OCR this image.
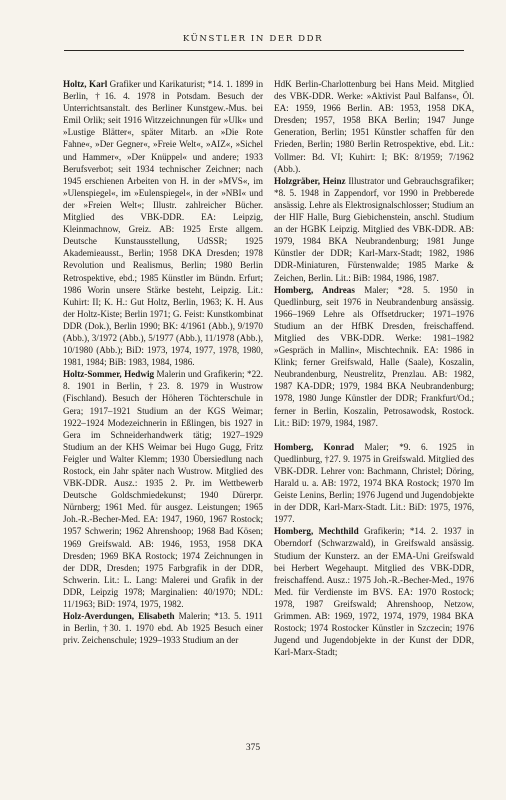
KÜNSTLER IN DER DDR

Holtz, Karl Grafiker und Karikaturist; *14. 1. 1899 in Berlin, †16. 4. 1978 in Potsdam. Besuch der Unterrichtsanstalt. des Berliner Kunstgew.-Mus. bei Emil Orlik; seit 1916 Witzzeichnungen für »Ulk« und »Lustige Blätter«, später Mitarb. an »Die Rote Fahne«, »Der Gegner«, »Freie Welt«, »AIZ«, »Sichel und Hammer«, »Der Knüppel« und andere; 1933 Berufsverbot; seit 1934 technischer Zeichner; nach 1945 erschienen Arbeiten von H. in der »MVS«, im »Ulenspiegel«, im »Eulenspiegel«, in der »NBI« und der »Freien Welt«; Illustr. zahlreicher Bücher. Mitglied des VBK-DDR. EA: Leipzig, Kleinmachnow, Greiz. AB: 1925 Erste allgem. Deutsche Kunstausstellung, UdSSR; 1925 Akademieausst., Berlin; 1958 DKA Dresden; 1978 Revolution und Realismus, Berlin; 1980 Berlin Retrospektive, ebd.; 1985 Künstler im Bündn. Erfurt; 1986 Worin unsere Stärke besteht, Leipzig. Lit.: Kuhirt: II; K. H.: Gut Holtz, Berlin, 1963; K. H. Aus der Holtz-Kiste; Berlin 1971; G. Feist: Kunstkombinat DDR (Dok.), Berlin 1990; BK: 4/1961 (Abb.), 9/1970 (Abb.), 3/1972 (Abb.), 5/1977 (Abb.), 11/1978 (Abb.), 10/1980 (Abb.); BiD: 1973, 1974, 1977, 1978, 1980, 1981, 1984; BiB: 1983, 1984, 1986.

Holtz-Sommer, Hedwig Malerin und Grafikerin; *22. 8. 1901 in Berlin, †23. 8. 1979 in Wustrow (Fischland). Besuch der Höheren Töchterschule in Gera; 1917–1921 Studium an der KGS Weimar; 1922–1924 Modezeichnerin in Eßlingen, bis 1927 in Gera im Schneiderhandwerk tätig; 1927–1929 Studium an der KHS Weimar bei Hugo Gugg, Fritz Feigler und Walter Klemm; 1930 Übersiedlung nach Rostock, ein Jahr später nach Wustrow. Mitglied des VBK-DDR. Ausz.: 1935 2. Pr. im Wettbewerb Deutsche Goldschmiedekunst; 1940 Dürerpr. Nürnberg; 1961 Med. für ausgez. Leistungen; 1965 Joh.-R.-Becher-Med. EA: 1947, 1960, 1967 Rostock; 1957 Schwerin; 1962 Ahrenshoop; 1968 Bad Kösen; 1969 Greifswald. AB: 1946, 1953, 1958 DKA Dresden; 1969 BKA Rostock; 1974 Zeichnungen in der DDR, Dresden; 1975 Farbgrafik in der DDR, Schwerin. Lit.: L. Lang: Malerei und Grafik in der DDR, Leipzig 1978; Marginalien: 40/1970; NDL: 11/1963; BiD: 1974, 1975, 1982.

Holz-Averdungen, Elisabeth Malerin; *13. 5. 1911 in Berlin, †30. 1. 1970 ebd. Ab 1925 Besuch einer priv. Zeichenschule; 1929–1933 Studium an der

HdK Berlin-Charlottenburg bei Hans Meid. Mitglied des VBK-DDR. Werke: »Aktivist Paul Balfans«, Öl. EA: 1959, 1966 Berlin. AB: 1953, 1958 DKA, Dresden; 1957, 1958 BKA Berlin; 1947 Junge Generation, Berlin; 1951 Künstler schaffen für den Frieden, Berlin; 1980 Berlin Retrospektive, ebd. Lit.: Vollmer: Bd. VI; Kuhirt: I; BK: 8/1959; 7/1962 (Abb.).

Holzgräber, Heinz Illustrator und Gebrauchsgrafiker; *8. 5. 1948 in Zappendorf, vor 1990 in Prebberede ansässig. Lehre als Elektrosignalschlosser; Studium an der HIF Halle, Burg Giebichenstein, anschl. Studium an der HGBK Leipzig. Mitglied des VBK-DDR. AB: 1979, 1984 BKA Neubrandenburg; 1981 Junge Künstler der DDR; Karl-Marx-Stadt; 1982, 1986 DDR-Miniaturen, Fürstenwalde; 1985 Marke & Zeichen, Berlin. Lit.: BiB: 1984, 1986, 1987.

Homberg, Andreas Maler; *28. 5. 1950 in Quedlinburg, seit 1976 in Neubrandenburg ansässig. 1966–1969 Lehre als Offsetdrucker; 1971–1976 Studium an der HfBK Dresden, freischaffend. Mitglied des VBK-DDR. Werke: 1981–1982 »Gespräch in Mallin«, Mischtechnik. EA: 1986 in Klink; ferner Greifswald, Halle (Saale), Koszalin, Neubrandenburg, Neustrelitz, Prenzlau. AB: 1982, 1987 KA-DDR; 1979, 1984 BKA Neubrandenburg; 1978, 1980 Junge Künstler der DDR; Frankfurt/Od.; ferner in Berlin, Koszalin, Petrosawodsk, Rostock. Lit.: BiD: 1979, 1984, 1987.

Homberg, Konrad Maler; *9. 6. 1925 in Quedlinburg, †27. 9. 1975 in Greifswald. Mitglied des VBK-DDR. Lehrer von: Bachmann, Christel; Döring, Harald u. a. AB: 1972, 1974 BKA Rostock; 1970 Im Geiste Lenins, Berlin; 1976 Jugend und Jugendobjekte in der DDR, Karl-Marx-Stadt. Lit.: BiD: 1975, 1976, 1977.

Homberg, Mechthild Grafikerin; *14. 2. 1937 in Oberndorf (Schwarzwald), in Greifswald ansässig. Studium der Kunsterz. an der EMA-Uni Greifswald bei Herbert Wegehaupt. Mitglied des VBK-DDR, freischaffend. Ausz.: 1975 Joh.-R.-Becher-Med., 1976 Med. für Verdienste im BVS. EA: 1970 Rostock; 1978, 1987 Greifswald; Ahrenshoop, Netzow, Grimmen. AB: 1969, 1972, 1974, 1979, 1984 BKA Rostock; 1974 Rostocker Künstler in Szczecin; 1976 Jugend und Jugendobjekte in der Kunst der DDR, Karl-Marx-Stadt;

375
